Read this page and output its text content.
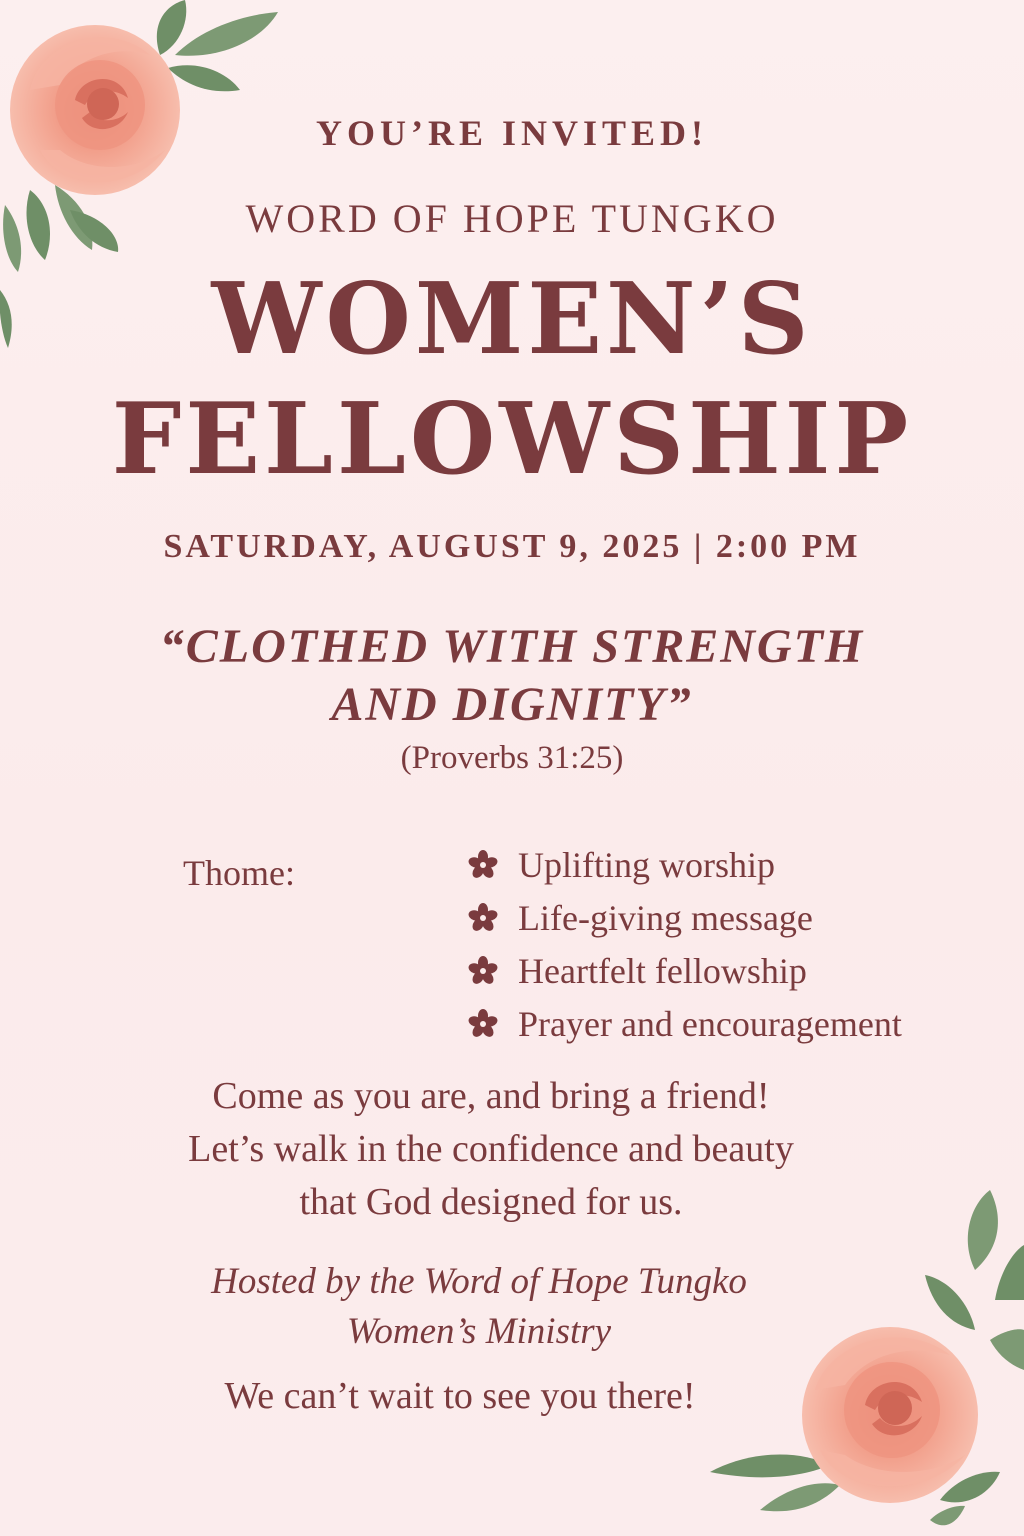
YOU’RE INVITED!
WORD OF HOPE TUNGKO
WOMEN’S
FELLOWSHIP
SATURDAY, AUGUST 9, 2025 | 2:00 PM
“CLOTHED WITH STRENGTH
AND DIGNITY”
(Proverbs 31:25)
Thome:	Uplifting worship
Life-giving message
Heartfelt fellowship
Prayer and encouragement
Come as you are, and bring a friend!
Let’s walk in the confidence and beauty
that God designed for us.
Hosted by the Word of Hope Tungko
Women’s Ministry
We can’t wait to see you there!
